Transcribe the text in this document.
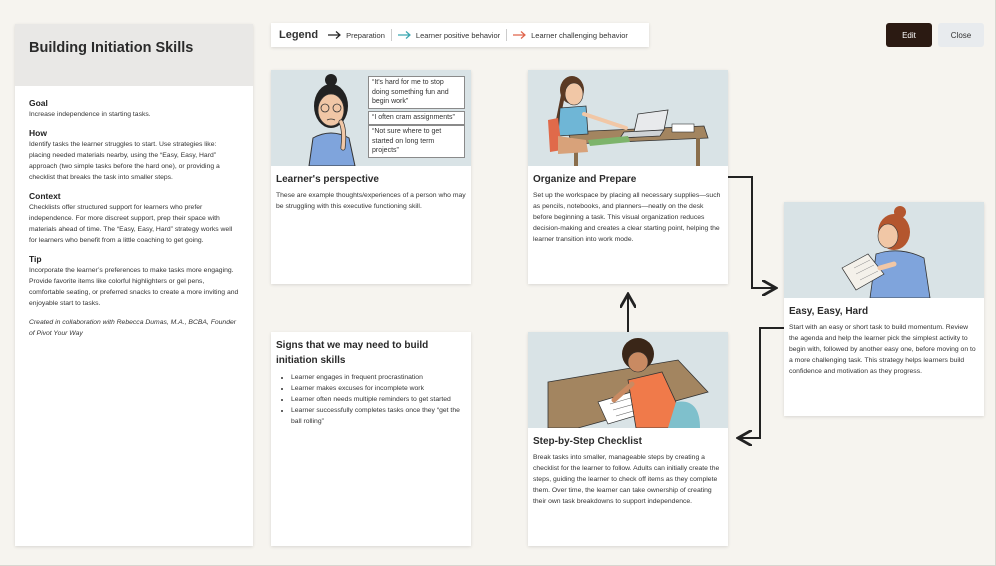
Building Initiation Skills
Goal
Increase independence in starting tasks.
How
Identify tasks the learner struggles to start. Use strategies like: placing needed materials nearby, using the “Easy, Easy, Hard” approach (two simple tasks before the hard one), or providing a checklist that breaks the task into smaller steps.
Context
Checklists offer structured support for learners who prefer independence. For more discreet support, prep their space with materials ahead of time. The “Easy, Easy, Hard” strategy works well for learners who benefit from a little coaching to get going.
Tip
Incorporate the learner’s preferences to make tasks more engaging. Provide favorite items like colorful highlighters or gel pens, comfortable seating, or preferred snacks to create a more inviting and enjoyable start to tasks.
Created in collaboration with Rebecca Dumas, M.A., BCBA, Founder of Pivot Your Way
Legend	Preparation	Learner positive behavior	Learner challenging behavior	Edit	Close
“It's hard for me to stop doing something fun and begin work”
“I often cram assignments”
“Not sure where to get started on long term projects”
Learner's perspective
These are example thoughts/experiences of a person who may be struggling with this executive functioning skill.
Signs that we may need to build initiation skills
• Learner engages in frequent procrastination
• Learner makes excuses for incomplete work
• Learner often needs multiple reminders to get started
• Learner successfully completes tasks once they “get the ball rolling”
Organize and Prepare
Set up the workspace by placing all necessary supplies—such as pencils, notebooks, and planners—neatly on the desk before beginning a task. This visual organization reduces decision-making and creates a clear starting point, helping the learner transition into work mode.
Step-by-Step Checklist
Break tasks into smaller, manageable steps by creating a checklist for the learner to follow. Adults can initially create the steps, guiding the learner to check off items as they complete them. Over time, the learner can take ownership of creating their own task breakdowns to support independence.
Easy, Easy, Hard
Start with an easy or short task to build momentum. Review the agenda and help the learner pick the simplest activity to begin with, followed by another easy one, before moving on to a more challenging task. This strategy helps learners build confidence and motivation as they progress.
